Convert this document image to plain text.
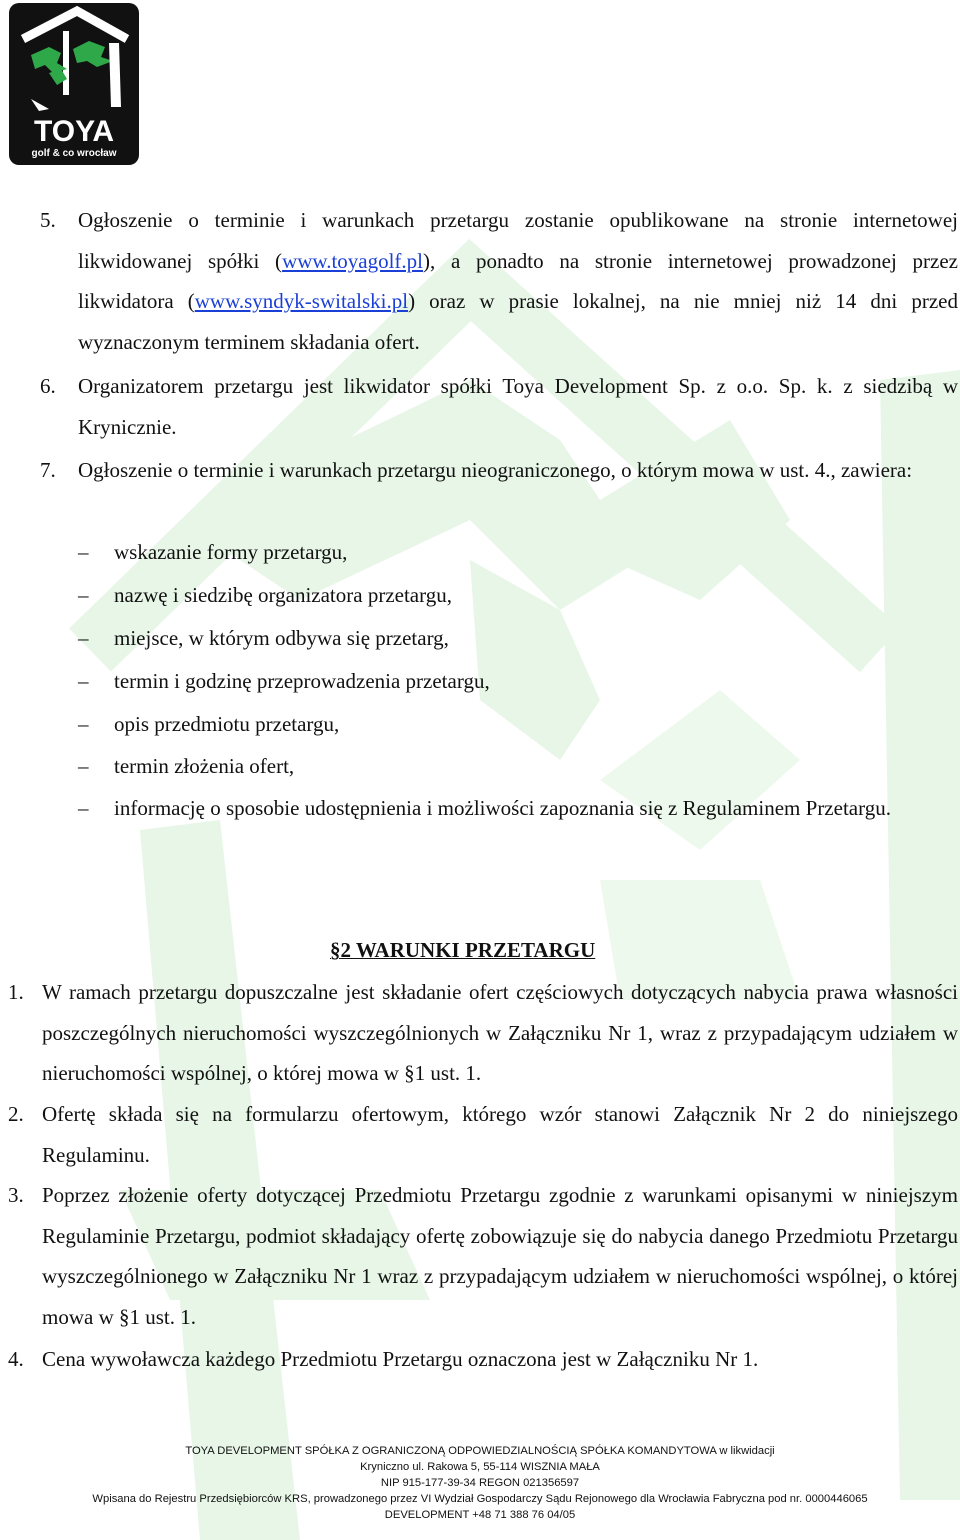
TOYA
golf & co wrocław
5. Ogłoszenie o terminie i warunkach przetargu zostanie opublikowane na stronie internetowej likwidowanej spółki (www.toyagolf.pl), a ponadto na stronie internetowej prowadzonej przez likwidatora (www.syndyk-switalski.pl) oraz w prasie lokalnej, na nie mniej niż 14 dni przed wyznaczonym terminem składania ofert.
6. Organizatorem przetargu jest likwidator spółki Toya Development Sp. z o.o. Sp. k. z siedzibą w Krynicznie.
7. Ogłoszenie o terminie i warunkach przetargu nieograniczonego, o którym mowa w ust. 4., zawiera:
– wskazanie formy przetargu,
– nazwę i siedzibę organizatora przetargu,
– miejsce, w którym odbywa się przetarg,
– termin i godzinę przeprowadzenia przetargu,
– opis przedmiotu przetargu,
– termin złożenia ofert,
–	informację o sposobie udostępnienia i możliwości zapoznania się z Regulaminem Przetargu.
§2 WARUNKI PRZETARGU
1. W ramach przetargu dopuszczalne jest składanie ofert częściowych dotyczących nabycia prawa własności poszczególnych nieruchomości wyszczególnionych w Załączniku Nr 1, wraz z przypadającym udziałem w nieruchomości wspólnej, o której mowa w §1 ust. 1.
2. Ofertę składa się na formularzu ofertowym, którego wzór stanowi Załącznik Nr 2 do niniejszego Regulaminu.
3. Poprzez złożenie oferty dotyczącej Przedmiotu Przetargu zgodnie z warunkami opisanymi w niniejszym Regulaminie Przetargu, podmiot składający ofertę zobowiązuje się do nabycia danego Przedmiotu Przetargu wyszczególnionego w Załączniku Nr 1 wraz z przypadającym udziałem w nieruchomości wspólnej, o której mowa w §1 ust. 1.
4. Cena wywoławcza każdego Przedmiotu Przetargu oznaczona jest w Załączniku Nr 1.
TOYA DEVELOPMENT SPÓŁKA Z OGRANICZONĄ ODPOWIEDZIALNOŚCIĄ SPÓŁKA KOMANDYTOWA w likwidacji
Kryniczno ul. Rakowa 5, 55-114 WISZNIA MAŁA
NIP 915-177-39-34 REGON 021356597
Wpisana do Rejestru Przedsiębiorców KRS, prowadzonego przez VI Wydział Gospodarczy Sądu Rejonowego dla Wrocławia Fabryczna pod nr. 0000446065
DEVELOPMENT +48 71 388 76 04/05
